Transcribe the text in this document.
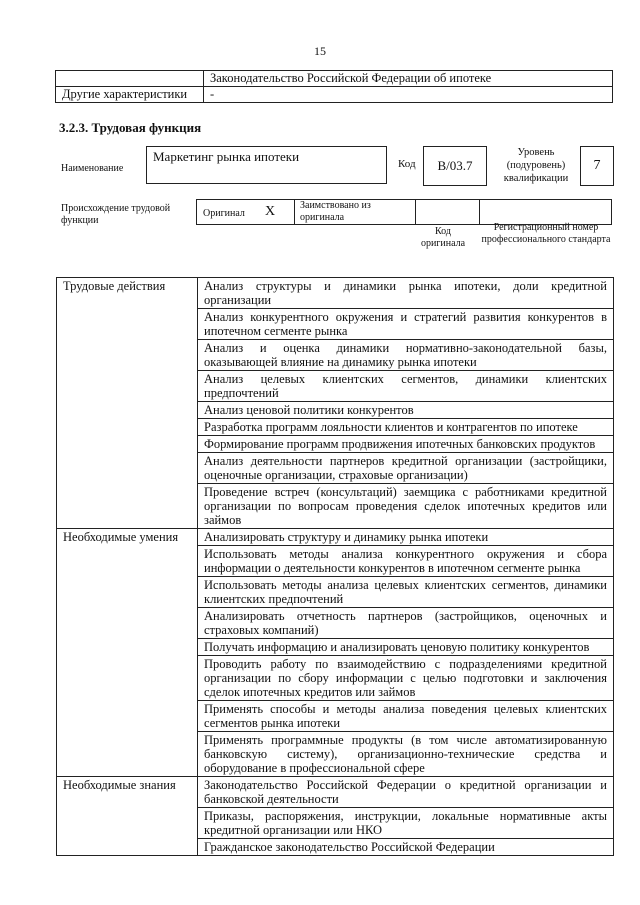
15
	Законодательство Российской Федерации об ипотеке
Другие характеристики	-
3.2.3. Трудовая функция
Наименование
Маркетинг рынка ипотеки	Код	B/03.7
Уровень (подуровень) квалификации
7
Происхождение трудовой функции
Оригинал X Заимствовано из оригинала
Код оригинала
Регистрационный номер профессионального стандарта
Трудовые действия	Анализ структуры и динамики рынка ипотеки, доли кредитной организации
	Анализ конкурентного окружения и стратегий развития конкурентов в ипотечном сегменте рынка
	Анализ и оценка динамики нормативно-законодательной базы, оказывающей влияние на динамику рынка ипотеки
	Анализ целевых клиентских сегментов, динамики клиентских предпочтений
	Анализ ценовой политики конкурентов
	Разработка программ лояльности клиентов и контрагентов по ипотеке
	Формирование программ продвижения ипотечных банковских продуктов
	Анализ деятельности партнеров кредитной организации (застройщики, оценочные организации, страховые организации)
	Проведение встреч (консультаций) заемщика с работниками кредитной организации по вопросам проведения сделок ипотечных кредитов или займов
Необходимые умения	Анализировать структуру и динамику рынка ипотеки
	Использовать методы анализа конкурентного окружения и сбора информации о деятельности конкурентов в ипотечном сегменте рынка
	Использовать методы анализа целевых клиентских сегментов, динамики клиентских предпочтений
	Анализировать отчетность партнеров (застройщиков, оценочных и страховых компаний)
	Получать информацию и анализировать ценовую политику конкурентов
	Проводить работу по взаимодействию с подразделениями кредитной организации по сбору информации с целью подготовки и заключения сделок ипотечных кредитов или займов
	Применять способы и методы анализа поведения целевых клиентских сегментов рынка ипотеки
	Применять программные продукты (в том числе автоматизированную банковскую систему), организационно-технические средства и оборудование в профессиональной сфере
Необходимые знания	Законодательство Российской Федерации о кредитной организации и банковской деятельности
	Приказы, распоряжения, инструкции, локальные нормативные акты кредитной организации или НКО
	Гражданское законодательство Российской Федерации
